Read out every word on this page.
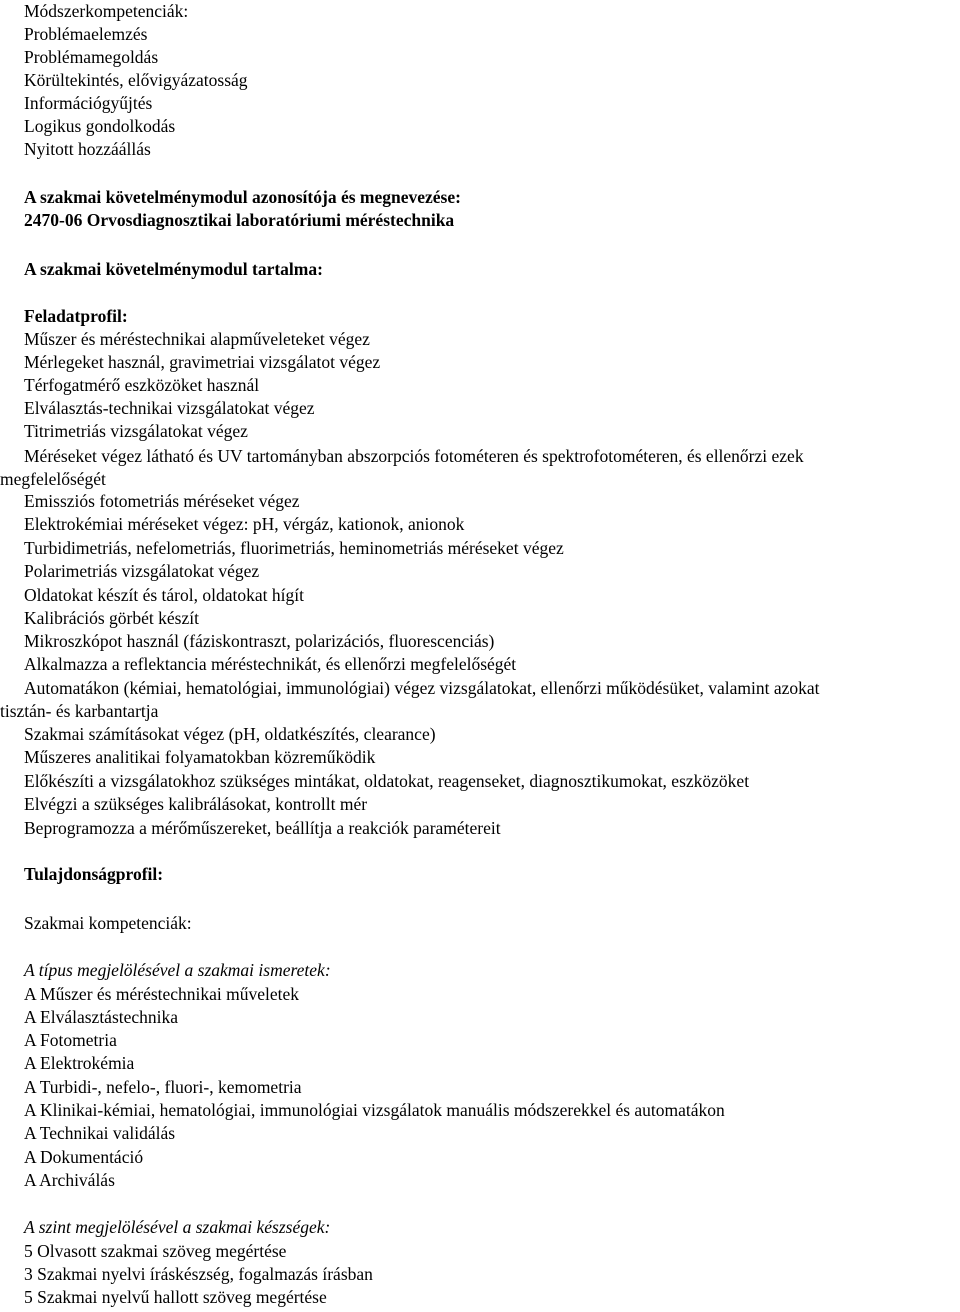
Módszerkompetenciák:
Problémaelemzés
Problémamegoldás
Körültekintés, elővigyázatosság
Információgyűjtés
Logikus gondolkodás
Nyitott hozzáállás
A szakmai követelménymodul azonosítója és megnevezése:
2470-06 Orvosdiagnosztikai laboratóriumi méréstechnika
A szakmai követelménymodul tartalma:
Feladatprofil:
Műszer és méréstechnikai alapműveleteket végez
Mérlegeket használ, gravimetriai vizsgálatot végez
Térfogatmérő eszközöket használ
Elválasztás-technikai vizsgálatokat végez
Titrimetriás vizsgálatokat végez
Méréseket végez látható és UV tartományban abszorpciós fotométeren és spektrofotométeren, és ellenőrzi ezek
megfelelőségét
Emissziós fotometriás méréseket végez
Elektrokémiai méréseket végez: pH, vérgáz, kationok, anionok
Turbidimetriás, nefelometriás, fluorimetriás, heminometriás méréseket végez
Polarimetriás vizsgálatokat végez
Oldatokat készít és tárol, oldatokat hígít
Kalibrációs görbét készít
Mikroszkópot használ (fáziskontraszt, polarizációs, fluorescenciás)
Alkalmazza a reflektancia méréstechnikát, és ellenőrzi megfelelőségét
Automatákon (kémiai, hematológiai, immunológiai) végez vizsgálatokat, ellenőrzi működésüket, valamint azokat
tisztán- és karbantartja
Szakmai számításokat végez (pH, oldatkészítés, clearance)
Műszeres analitikai folyamatokban közreműködik
Előkészíti a vizsgálatokhoz szükséges mintákat, oldatokat, reagenseket, diagnosztikumokat, eszközöket
Elvégzi a szükséges kalibrálásokat, kontrollt mér
Beprogramozza a mérőműszereket, beállítja a reakciók paramétereit
Tulajdonságprofil:
Szakmai kompetenciák:
A típus megjelölésével a szakmai ismeretek:
A Műszer és méréstechnikai műveletek
A Elválasztástechnika
A Fotometria
A Elektrokémia
A Turbidi-, nefelo-, fluori-, kemometria
A Klinikai-kémiai, hematológiai, immunológiai vizsgálatok manuális módszerekkel és automatákon
A Technikai validálás
A Dokumentáció
A Archiválás
A szint megjelölésével a szakmai készségek:
5 Olvasott szakmai szöveg megértése
3 Szakmai nyelvi íráskészség, fogalmazás írásban
5 Szakmai nyelvű hallott szöveg megértése
